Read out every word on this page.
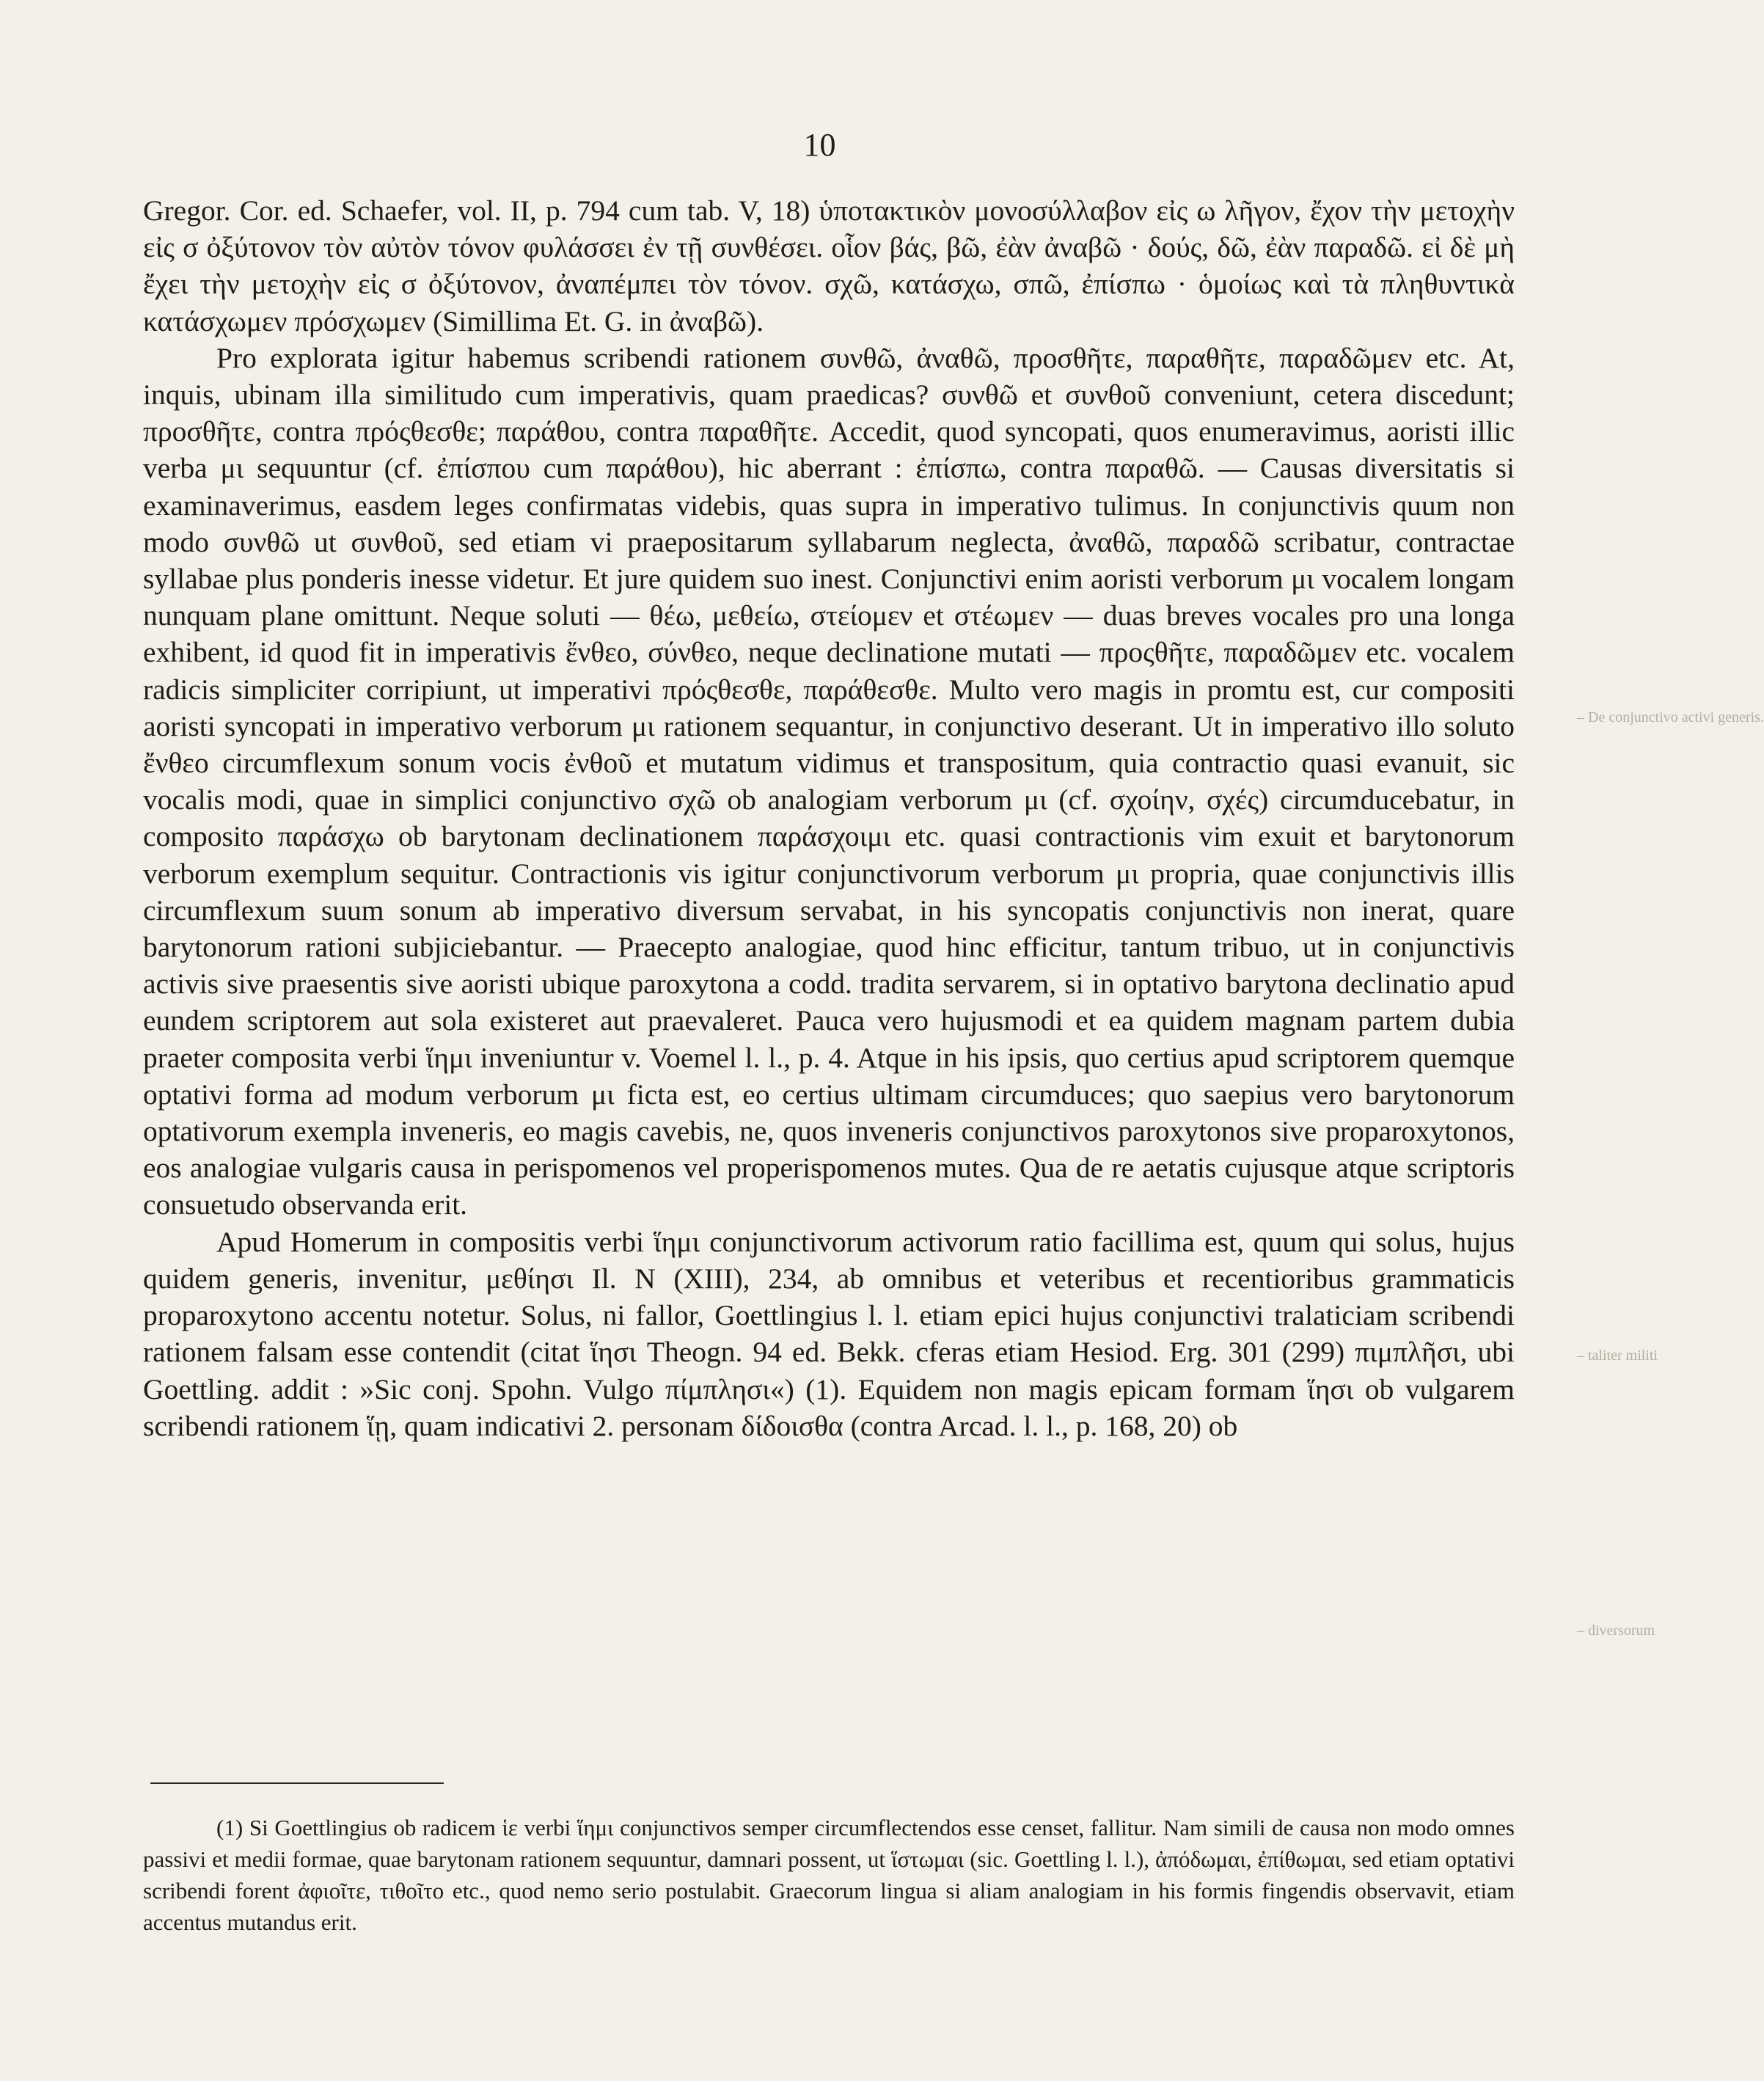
10

Gregor. Cor. ed. Schaefer, vol. II, p. 794 cum tab. V, 18) ὑποτακτικὸν μονοσύλλαβον εἰς ω λῆγον, ἔχον τὴν μετοχὴν εἰς σ ὀξύτονον τὸν αὐτὸν τόνον φυλάσσει ἐν τῇ συνθέσει. οἷον βάς, βῶ, ἐὰν ἀναβῶ · δούς, δῶ, ἐὰν παραδῶ. εἰ δὲ μὴ ἔχει τὴν μετοχὴν εἰς σ ὀξύτονον, ἀναπέμπει τὸν τόνον. σχῶ, κατάσχω, σπῶ, ἐπίσπω · ὁμοίως καὶ τὰ πληθυντικὰ κατάσχωμεν πρόσχωμεν (Simillima Et. G. in ἀναβῶ).

Pro explorata igitur habemus scribendi rationem συνθῶ, ἀναθῶ, προσθῆτε, παραθῆτε, παραδῶμεν etc. At, inquis, ubinam illa similitudo cum imperativis, quam praedicas? συνθῶ et συνθοῦ conveniunt, cetera discedunt; προσθῆτε, contra πρόςθεσθε; παράθου, contra παραθῆτε. Accedit, quod syncopati, quos enumeravimus, aoristi illic verba μι sequuntur (cf. ἐπίσπου cum παράθου), hic aberrant : ἐπίσπω, contra παραθῶ. — Causas diversitatis si examinaverimus, easdem leges confirmatas videbis, quas supra in imperativo tulimus. In conjunctivis quum non modo συνθῶ ut συνθοῦ, sed etiam vi praepositarum syllabarum neglecta, ἀναθῶ, παραδῶ scribatur, contractae syllabae plus ponderis inesse videtur. Et jure quidem suo inest. Conjunctivi enim aoristi verborum μι vocalem longam nunquam plane omittunt. Neque soluti — θέω, μεθείω, στείομεν et στέωμεν — duas breves vocales pro una longa exhibent, id quod fit in imperativis ἔνθεο, σύνθεο, neque declinatione mutati — προςθῆτε, παραδῶμεν etc. vocalem radicis simpliciter corripiunt, ut imperativi πρόςθεσθε, παράθεσθε. Multo vero magis in promtu est, cur compositi aoristi syncopati in imperativo verborum μι rationem sequantur, in conjunctivo deserant. Ut in imperativo illo soluto ἔνθεο circumflexum sonum vocis ἐνθοῦ et mutatum vidimus et transpositum, quia contractio quasi evanuit, sic vocalis modi, quae in simplici conjunctivo σχῶ ob analogiam verborum μι (cf. σχοίην, σχές) circumducebatur, in composito παράσχω ob barytonam declinationem παράσχοιμι etc. quasi contractionis vim exuit et barytonorum verborum exemplum sequitur. Contractionis vis igitur conjunctivorum verborum μι propria, quae conjunctivis illis circumflexum suum sonum ab imperativo diversum servabat, in his syncopatis conjunctivis non inerat, quare barytonorum rationi subjiciebantur. — Praecepto analogiae, quod hinc efficitur, tantum tribuo, ut in conjunctivis activis sive praesentis sive aoristi ubique paroxytona a codd. tradita servarem, si in optativo barytona declinatio apud eundem scriptorem aut sola existeret aut praevaleret. Pauca vero hujusmodi et ea quidem magnam partem dubia praeter composita verbi ἵημι inveniuntur v. Voemel l. l., p. 4. Atque in his ipsis, quo certius apud scriptorem quemque optativi forma ad modum verborum μι ficta est, eo certius ultimam circumduces; quo saepius vero barytonorum optativorum exempla inveneris, eo magis cavebis, ne, quos inveneris conjunctivos paroxytonos sive proparoxytonos, eos analogiae vulgaris causa in perispomenos vel properispomenos mutes. Qua de re aetatis cujusque atque scriptoris consuetudo observanda erit.

Apud Homerum in compositis verbi ἵημι conjunctivorum activorum ratio facillima est, quum qui solus, hujus quidem generis, invenitur, μεθίησι Il. N (XIII), 234, ab omnibus et veteribus et recentioribus grammaticis proparoxytono accentu notetur. Solus, ni fallor, Goettlingius l. l. etiam epici hujus conjunctivi tralaticiam scribendi rationem falsam esse contendit (citat ἵησι Theogn. 94 ed. Bekk. cferas etiam Hesiod. Erg. 301 (299) πιμπλῆσι, ubi Goettling. addit : »Sic conj. Spohn. Vulgo πίμπλησι«) (1). Equidem non magis epicam formam ἵησι ob vulgarem scribendi rationem ἵῃ, quam indicativi 2. personam δίδοισθα (contra Arcad. l. l., p. 168, 20) ob

(1) Si Goettlingius ob radicem ἱε verbi ἵημι conjunctivos semper circumflectendos esse censet, fallitur. Nam simili de causa non modo omnes passivi et medii formae, quae barytonam rationem sequuntur, damnari possent, ut ἵστωμαι (sic. Goettling l. l.), ἀπόδωμαι, ἐπίθωμαι, sed etiam optativi scribendi forent ἀφιοῖτε, τιθοῖτο etc., quod nemo serio postulabit. Graecorum lingua si aliam analogiam in his formis fingendis observavit, etiam accentus mutandus erit.

– De conjunctivo activi generis.
– taliter militi
– diversorum
